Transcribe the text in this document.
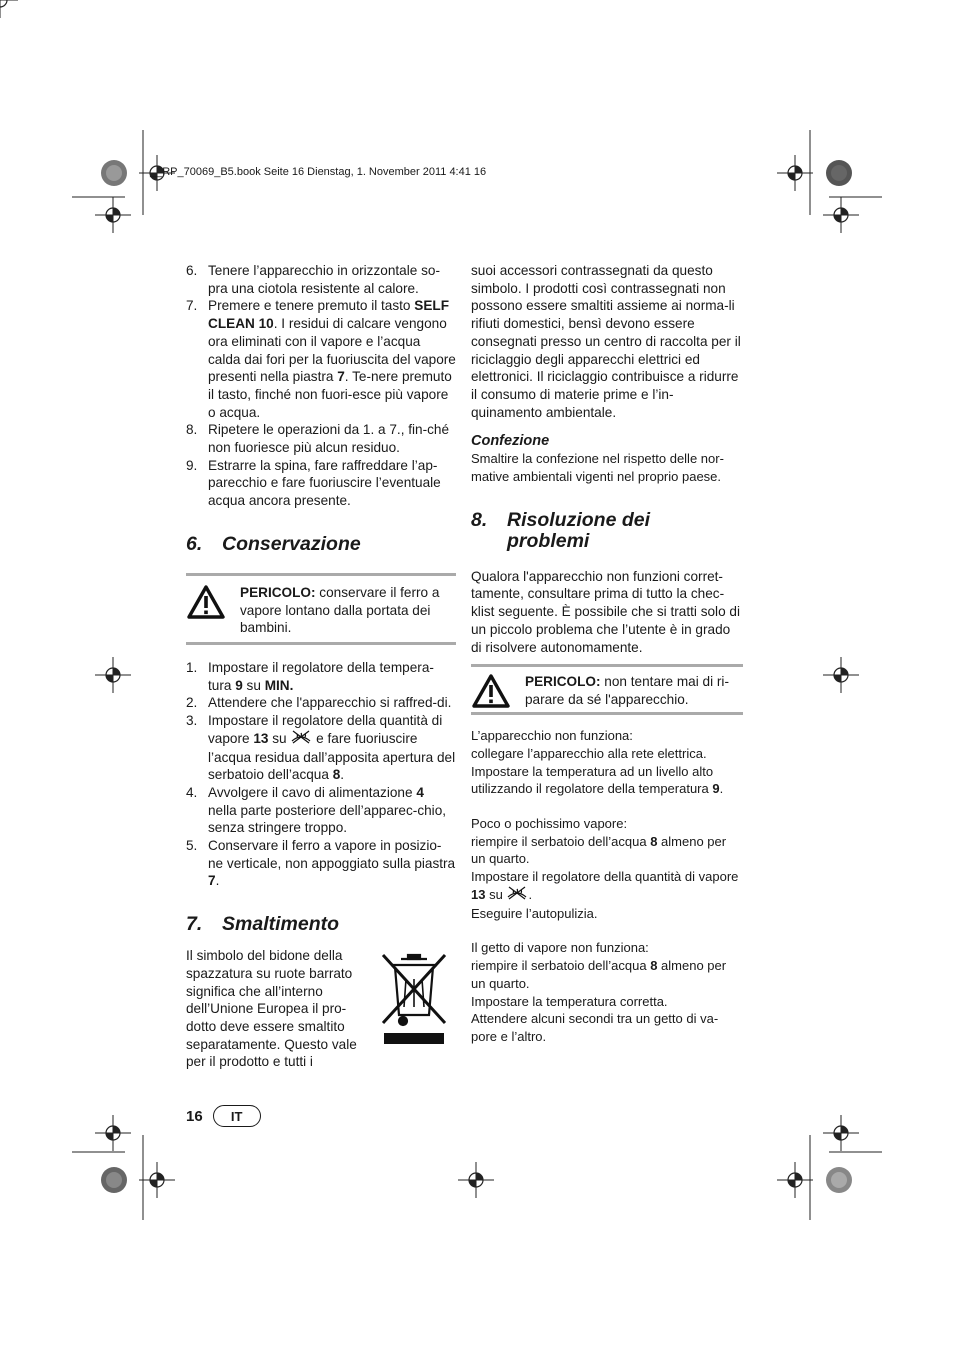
__RP_70069_B5.book Seite 16 Dienstag, 1. November 2011 4:41 16
6. Tenere l’apparecchio in orizzontale so-pra una ciotola resistente al calore.
7. Premere e tenere premuto il tasto SELF CLEAN 10. I residui di calcare vengono ora eliminati con il vapore e l’acqua calda dai fori per la fuoriuscita del vapore presenti nella piastra 7. Te-nere premuto il tasto, finché non fuori-esce più vapore o acqua.
8. Ripetere le operazioni da 1. a 7., fin-ché non fuoriesce più alcun residuo.
9. Estrarre la spina, fare raffreddare l’ap-parecchio e fare fuoriuscire l’eventuale acqua ancora presente.
6.	Conservazione
PERICOLO: conservare il ferro a vapore lontano dalla portata dei bambini.
1. Impostare il regolatore della tempera-tura 9 su MIN.
2. Attendere che l'apparecchio si raffred-di.
3. Impostare il regolatore della quantità di vapore 13 su  e fare fuoriuscire l’acqua residua dall’apposita apertura del serbatoio dell’acqua 8.
4. Avvolgere il cavo di alimentazione 4 nella parte posteriore dell’apparec-chio, senza stringere troppo.
5. Conservare il ferro a vapore in posizio-ne verticale, non appoggiato sulla piastra 7.
7.	Smaltimento

Il simbolo del bidone della spazzatura su ruote barrato significa che all’interno dell’Unione Europea il pro-dotto deve essere smaltito separatamente. Questo vale per il prodotto e tutti i

suoi accessori contrassegnati da questo simbolo. I prodotti così contrassegnati non possono essere smaltiti assieme ai norma-li rifiuti domestici, bensì devono essere consegnati presso un centro di raccolta per il riciclaggio degli apparecchi elettrici ed elettronici. Il riciclaggio contribuisce a ridurre il consumo di materie prime e l’in-quinamento ambientale.

Confezione

Smaltire la confezione nel rispetto delle nor-mative ambientali vigenti nel proprio paese.

8.	Risoluzione dei
problemi

Qualora l'apparecchio non funzioni corret-tamente, consultare prima di tutto la chec-klist seguente. È possibile che si tratti solo di un piccolo problema che l’utente è in grado di risolvere autonomamente.

PERICOLO: non tentare mai di ri-parare da sé l'apparecchio.

L’apparecchio non funziona:
collegare l’apparecchio alla rete elettrica.
Impostare la temperatura ad un livello alto utilizzando il regolatore della temperatura 9.

Poco o pochissimo vapore:
riempire il serbatoio dell’acqua 8 almeno per un quarto.
Impostare il regolatore della quantità di vapore 13 su .
Eseguire l’autopulizia.

Il getto di vapore non funziona:
riempire il serbatoio dell’acqua 8 almeno per un quarto.
Impostare la temperatura corretta.
Attendere alcuni secondi tra un getto di va-pore e l’altro.

16	IT
